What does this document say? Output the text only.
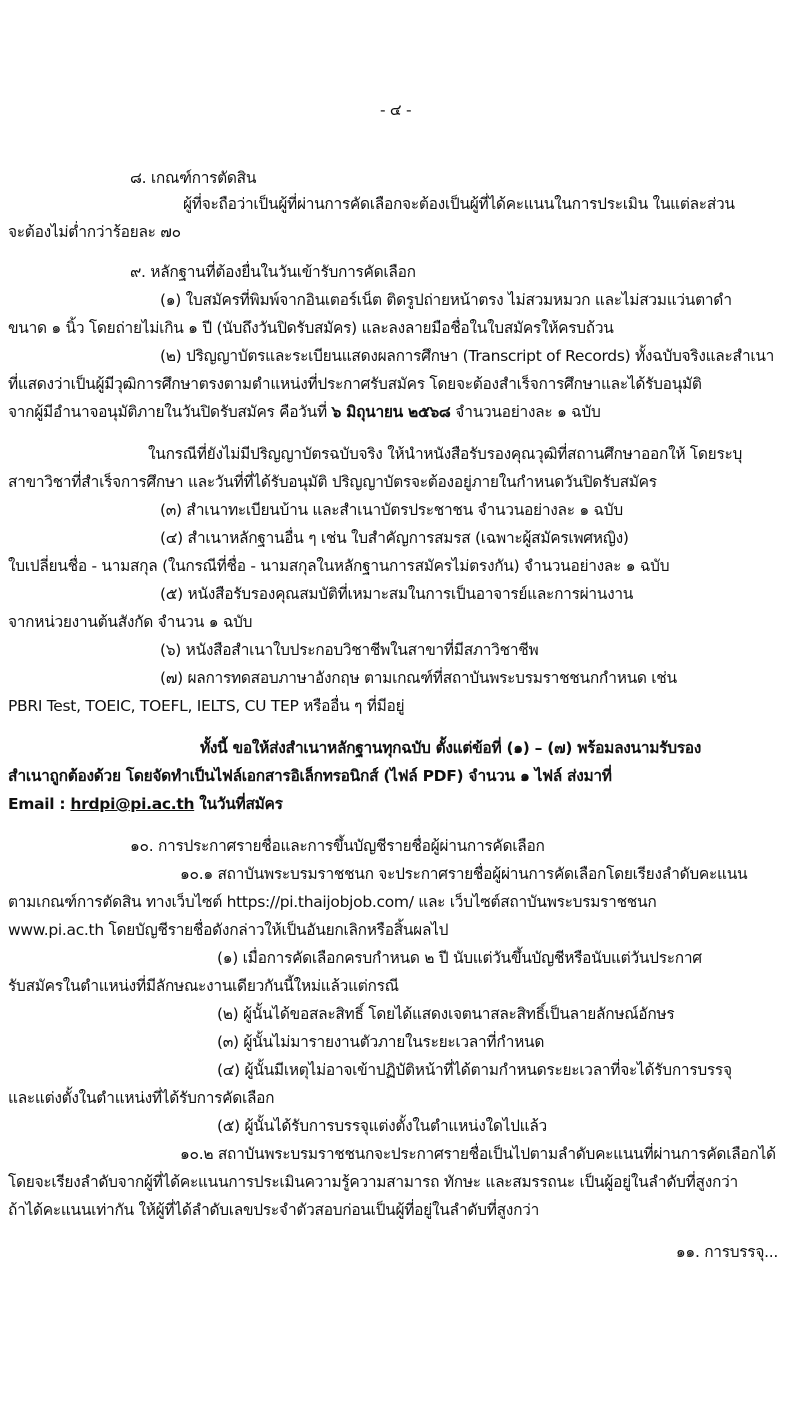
- ๔ -
๘. เกณฑ์การตัดสิน
ผู้ที่จะถือว่าเป็นผู้ที่ผ่านการคัดเลือกจะต้องเป็นผู้ที่ได้คะแนนในการประเมิน ในแต่ละส่วน
จะต้องไม่ต่ำกว่าร้อยละ ๗๐
๙. หลักฐานที่ต้องยื่นในวันเข้ารับการคัดเลือก
(๑) ใบสมัครที่พิมพ์จากอินเตอร์เน็ต ติดรูปถ่ายหน้าตรง ไม่สวมหมวก และไม่สวมแว่นตาดำ
ขนาด ๑ นิ้ว โดยถ่ายไม่เกิน ๑ ปี (นับถึงวันปิดรับสมัคร) และลงลายมือชื่อในใบสมัครให้ครบถ้วน
(๒) ปริญญาบัตรและระเบียนแสดงผลการศึกษา (Transcript of Records) ทั้งฉบับจริงและสำเนา
ที่แสดงว่าเป็นผู้มีวุฒิการศึกษาตรงตามตำแหน่งที่ประกาศรับสมัคร โดยจะต้องสำเร็จการศึกษาและได้รับอนุมัติ
จากผู้มีอำนาจอนุมัติภายในวันปิดรับสมัคร คือวันที่ ๖ มิถุนายน ๒๕๖๘ จำนวนอย่างละ ๑ ฉบับ
ในกรณีที่ยังไม่มีปริญญาบัตรฉบับจริง ให้นำหนังสือรับรองคุณวุฒิที่สถานศึกษาออกให้ โดยระบุ
สาขาวิชาที่สำเร็จการศึกษา และวันที่ที่ได้รับอนุมัติ ปริญญาบัตรจะต้องอยู่ภายในกำหนดวันปิดรับสมัคร
(๓) สำเนาทะเบียนบ้าน และสำเนาบัตรประชาชน จำนวนอย่างละ ๑ ฉบับ
(๔) สำเนาหลักฐานอื่น ๆ เช่น ใบสำคัญการสมรส (เฉพาะผู้สมัครเพศหญิง)
ใบเปลี่ยนชื่อ - นามสกุล (ในกรณีที่ชื่อ - นามสกุลในหลักฐานการสมัครไม่ตรงกัน) จำนวนอย่างละ ๑ ฉบับ
(๕) หนังสือรับรองคุณสมบัติที่เหมาะสมในการเป็นอาจารย์และการผ่านงาน
จากหน่วยงานต้นสังกัด จำนวน ๑ ฉบับ
(๖) หนังสือสำเนาใบประกอบวิชาชีพในสาขาที่มีสภาวิชาชีพ
(๗) ผลการทดสอบภาษาอังกฤษ ตามเกณฑ์ที่สถาบันพระบรมราชชนกกำหนด เช่น
PBRI Test, TOEIC, TOEFL, IELTS, CU TEP หรืออื่น ๆ ที่มีอยู่
ทั้งนี้ ขอให้ส่งสำเนาหลักฐานทุกฉบับ ตั้งแต่ข้อที่ (๑) – (๗) พร้อมลงนามรับรอง
สำเนาถูกต้องด้วย โดยจัดทำเป็นไฟล์เอกสารอิเล็กทรอนิกส์ (ไฟล์ PDF) จำนวน ๑ ไฟล์ ส่งมาที่
Email : hrdpi@pi.ac.th ในวันที่สมัคร
๑๐. การประกาศรายชื่อและการขึ้นบัญชีรายชื่อผู้ผ่านการคัดเลือก
๑๐.๑ สถาบันพระบรมราชชนก จะประกาศรายชื่อผู้ผ่านการคัดเลือกโดยเรียงลำดับคะแนน
ตามเกณฑ์การตัดสิน ทางเว็บไซต์ https://pi.thaijobjob.com/ และ เว็บไซต์สถาบันพระบรมราชชนก
www.pi.ac.th โดยบัญชีรายชื่อดังกล่าวให้เป็นอันยกเลิกหรือสิ้นผลไป
(๑) เมื่อการคัดเลือกครบกำหนด ๒ ปี นับแต่วันขึ้นบัญชีหรือนับแต่วันประกาศ
รับสมัครในตำแหน่งที่มีลักษณะงานเดียวกันนี้ใหม่แล้วแต่กรณี
(๒) ผู้นั้นได้ขอสละสิทธิ์ โดยได้แสดงเจตนาสละสิทธิ์เป็นลายลักษณ์อักษร
(๓) ผู้นั้นไม่มารายงานตัวภายในระยะเวลาที่กำหนด
(๔) ผู้นั้นมีเหตุไม่อาจเข้าปฏิบัติหน้าที่ได้ตามกำหนดระยะเวลาที่จะได้รับการบรรจุ
และแต่งตั้งในตำแหน่งที่ได้รับการคัดเลือก
(๕) ผู้นั้นได้รับการบรรจุแต่งตั้งในตำแหน่งใดไปแล้ว
๑๐.๒ สถาบันพระบรมราชชนกจะประกาศรายชื่อเป็นไปตามลำดับคะแนนที่ผ่านการคัดเลือกได้
โดยจะเรียงลำดับจากผู้ที่ได้คะแนนการประเมินความรู้ความสามารถ ทักษะ และสมรรถนะ เป็นผู้อยู่ในลำดับที่สูงกว่า
ถ้าได้คะแนนเท่ากัน ให้ผู้ที่ได้ลำดับเลขประจำตัวสอบก่อนเป็นผู้ที่อยู่ในลำดับที่สูงกว่า
๑๑. การบรรจุ...
